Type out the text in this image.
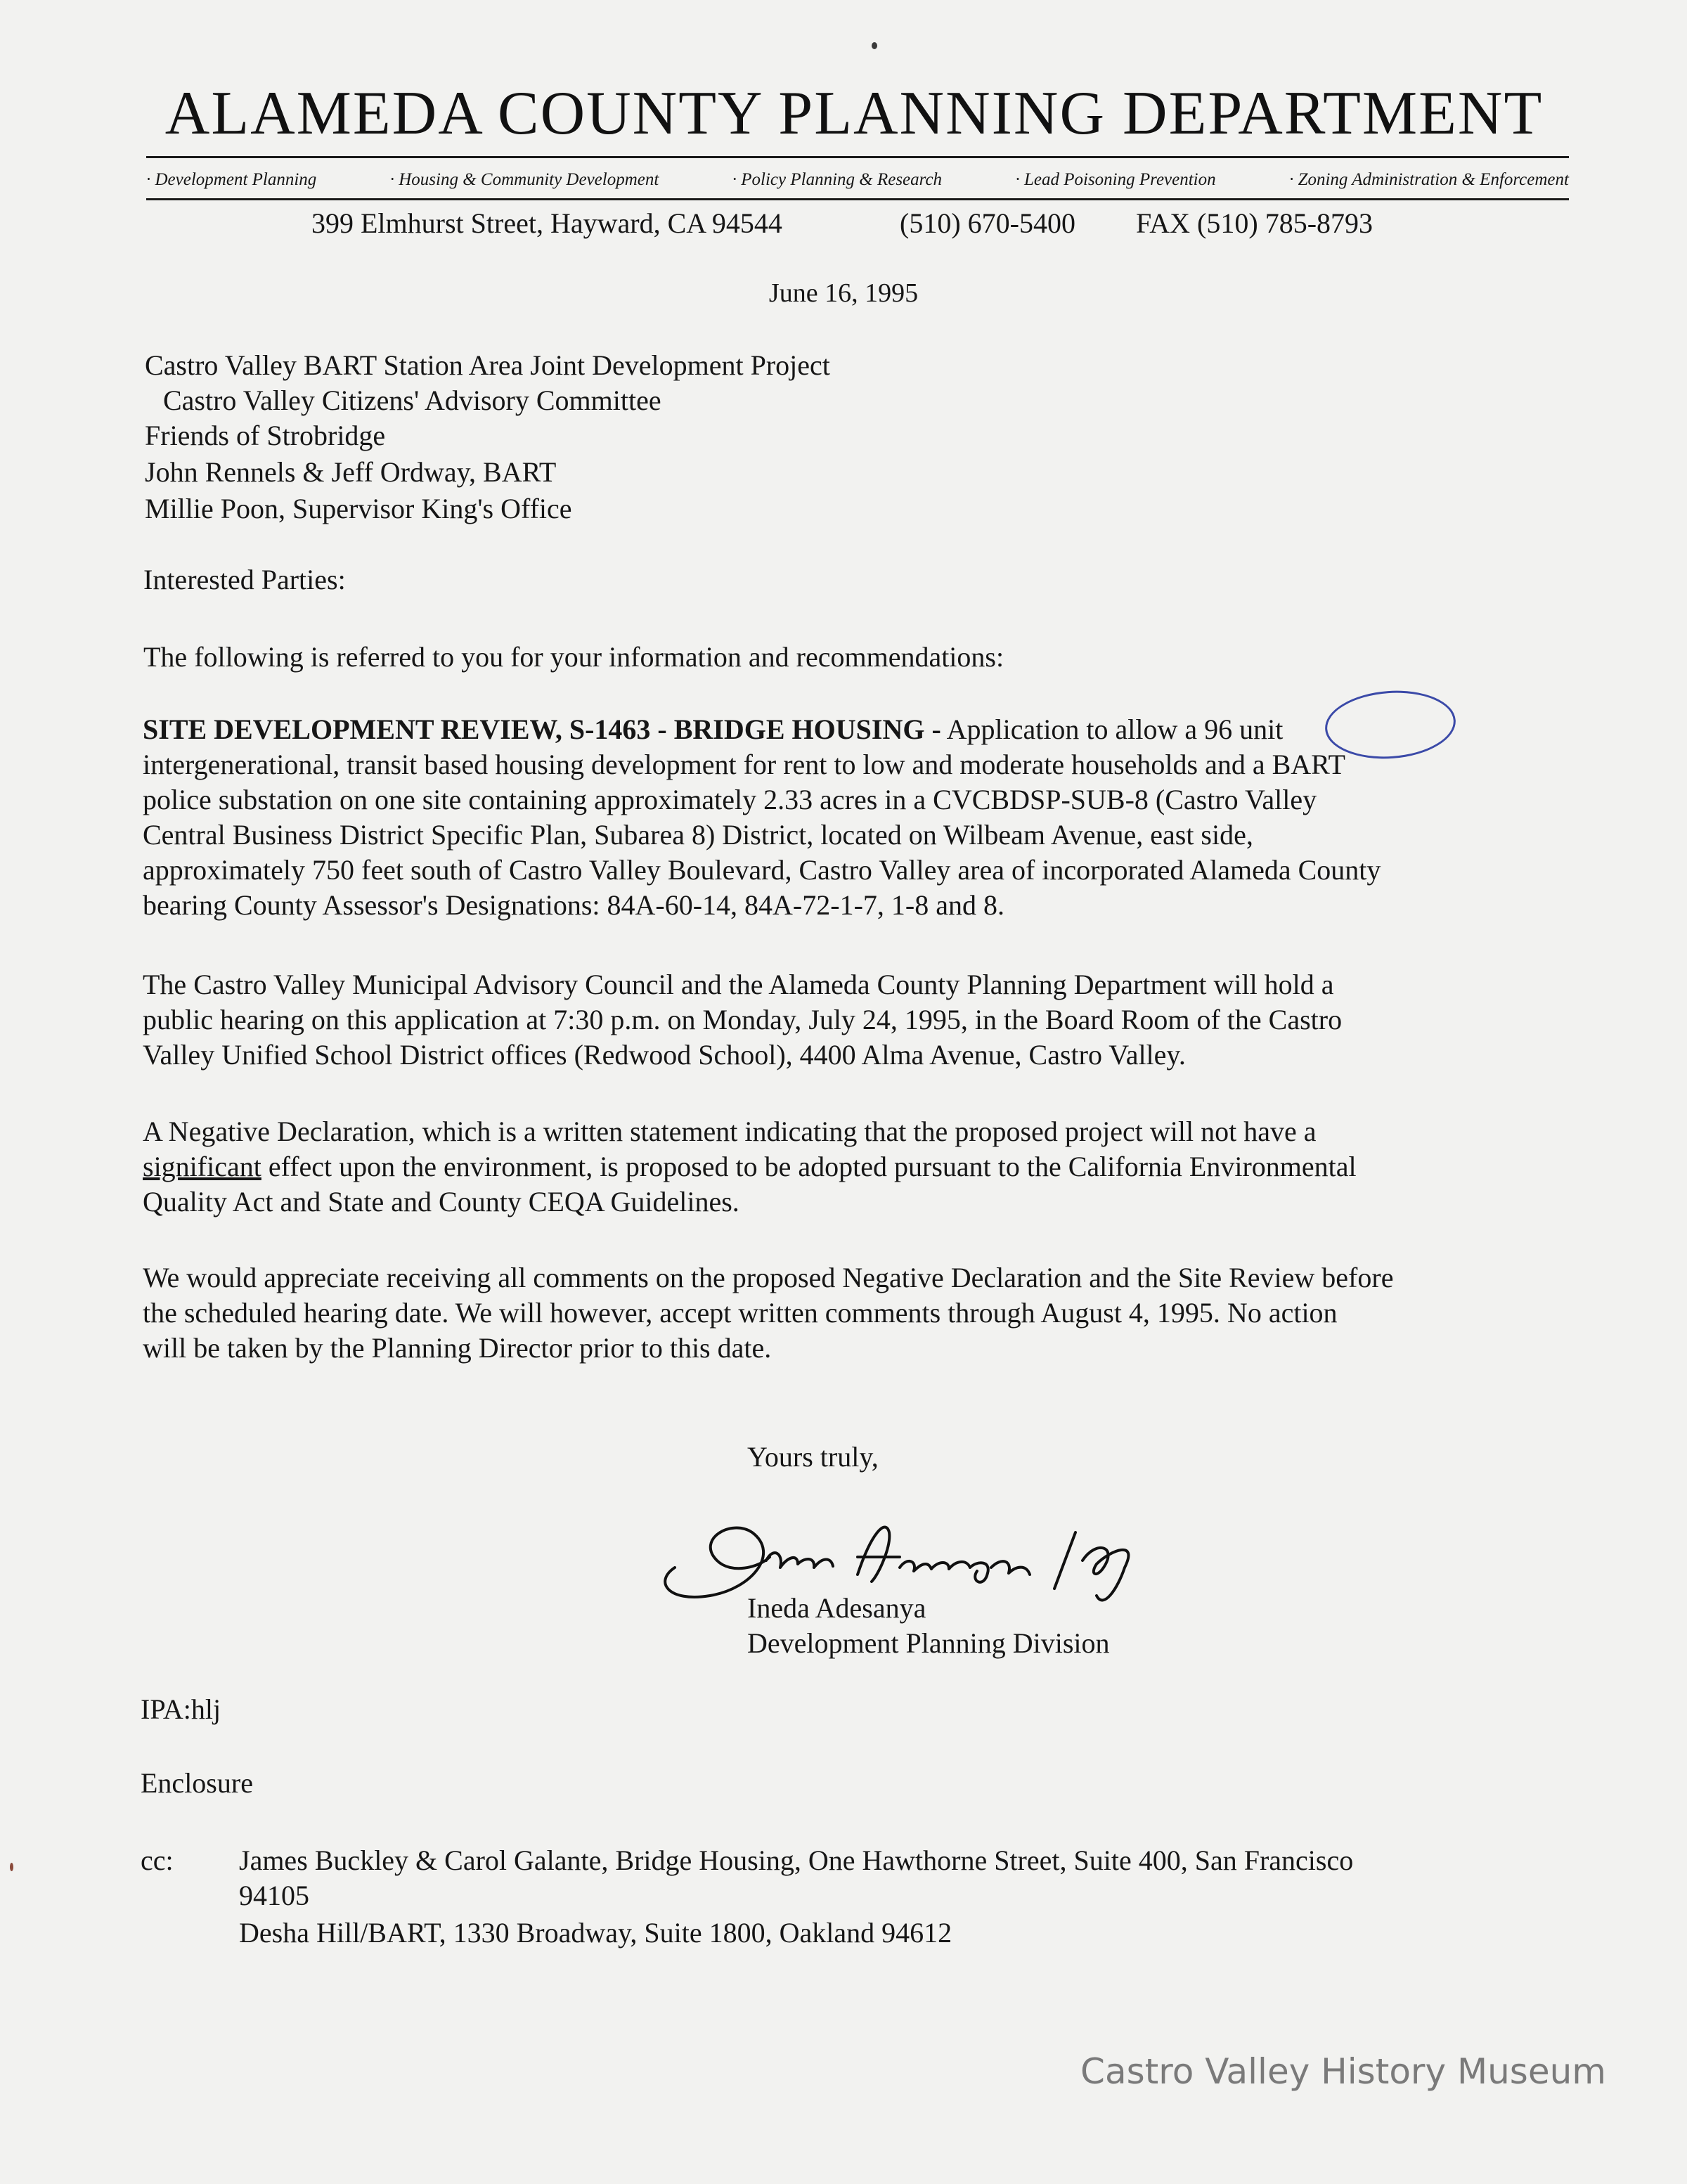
ALAMEDA COUNTY PLANNING DEPARTMENT
· Development Planning	· Housing & Community Development	· Policy Planning & Research	· Lead Poisoning Prevention	· Zoning Administration & Enforcement
399 Elmhurst Street, Hayward, CA 94544	(510) 670-5400 FAX (510) 785-8793
June 16, 1995
Castro Valley BART Station Area Joint Development Project
Castro Valley Citizens' Advisory Committee
Friends of Strobridge
John Rennels & Jeff Ordway, BART
Millie Poon, Supervisor King's Office
Interested Parties:
The following is referred to you for your information and recommendations:
SITE DEVELOPMENT REVIEW, S-1463 - BRIDGE HOUSING - Application to allow a 96 unit
intergenerational, transit based housing development for rent to low and moderate households and a BART
police substation on one site containing approximately 2.33 acres in a CVCBDSP-SUB-8 (Castro Valley
Central Business District Specific Plan, Subarea 8) District, located on Wilbeam Avenue, east side,
approximately 750 feet south of Castro Valley Boulevard, Castro Valley area of incorporated Alameda County
bearing County Assessor's Designations: 84A-60-14, 84A-72-1-7, 1-8 and 8.
The Castro Valley Municipal Advisory Council and the Alameda County Planning Department will hold a
public hearing on this application at 7:30 p.m. on Monday, July 24, 1995, in the Board Room of the Castro
Valley Unified School District offices (Redwood School), 4400 Alma Avenue, Castro Valley.
A Negative Declaration, which is a written statement indicating that the proposed project will not have a
significant effect upon the environment, is proposed to be adopted pursuant to the California Environmental
Quality Act and State and County CEQA Guidelines.
We would appreciate receiving all comments on the proposed Negative Declaration and the Site Review before
the scheduled hearing date. We will however, accept written comments through August 4, 1995. No action
will be taken by the Planning Director prior to this date.
Yours truly,
Ineda Adesanya
Development Planning Division
IPA:hlj
Enclosure
cc: James Buckley & Carol Galante, Bridge Housing, One Hawthorne Street, Suite 400, San Francisco
94105
Desha Hill/BART, 1330 Broadway, Suite 1800, Oakland 94612
Castro Valley History Museum
